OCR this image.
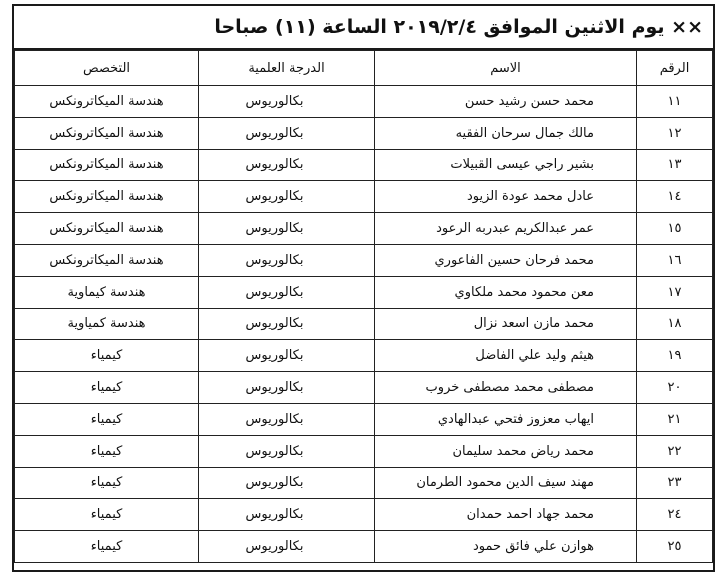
×× يوم الاثنين الموافق ٢٠١٩/٢/٤ الساعة (١١) صباحا
الرقم	الاسم	الدرجة العلمية	التخصص
١١	محمد حسن رشيد حسن	بكالوريوس	هندسة الميكاترونكس
١٢	مالك جمال سرحان الفقيه	بكالوريوس	هندسة الميكاترونكس
١٣	بشير راجي عيسى القبيلات	بكالوريوس	هندسة الميكاترونكس
١٤	عادل محمد عودة الزيود	بكالوريوس	هندسة الميكاترونكس
١٥	عمر عبدالكريم عبدربه الرعود	بكالوريوس	هندسة الميكاترونكس
١٦	محمد فرحان حسين الفاعوري	بكالوريوس	هندسة الميكاترونكس
١٧	معن محمود محمد ملكاوي	بكالوريوس	هندسة كيماوية
١٨	محمد مازن اسعد نزال	بكالوريوس	هندسة كمياوية
١٩	هيثم وليد علي الفاضل	بكالوريوس	كيمياء
٢٠	مصطفى محمد مصطفى خروب	بكالوريوس	كيمياء
٢١	ايهاب معزوز فتحي عبدالهادي	بكالوريوس	كيمياء
٢٢	محمد رياض محمد سليمان	بكالوريوس	كيمياء
٢٣	مهند سيف الدين محمود الطرمان	بكالوريوس	كيمياء
٢٤	محمد جهاد احمد حمدان	بكالوريوس	كيمياء
٢٥	هوازن علي فائق حمود	بكالوريوس	كيمياء
